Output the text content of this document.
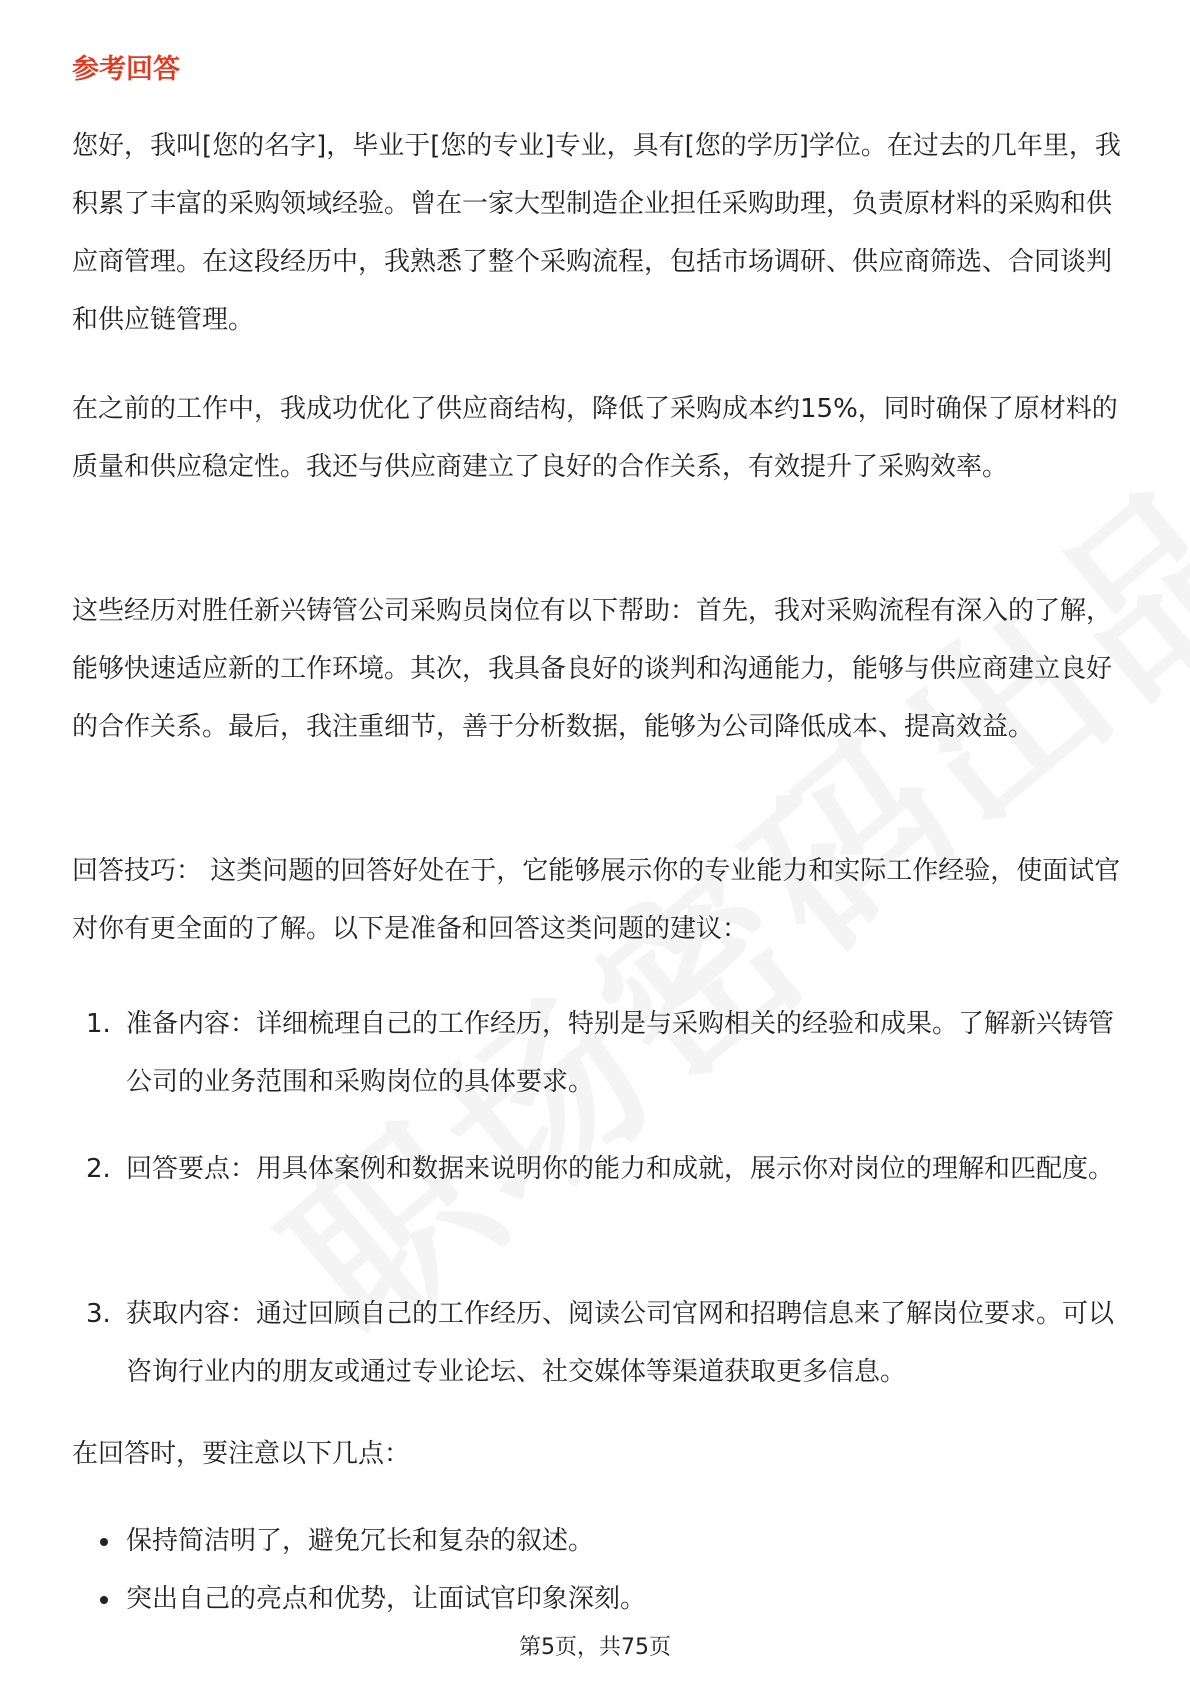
参考回答

您好，我叫[您的名字]，毕业于[您的专业]专业，具有[您的学历]学位。在过去的几年里，我积累了丰富的采购领域经验。曾在一家大型制造企业担任采购助理，负责原材料的采购和供应商管理。在这段经历中，我熟悉了整个采购流程，包括市场调研、供应商筛选、合同谈判和供应链管理。

在之前的工作中，我成功优化了供应商结构，降低了采购成本约15%，同时确保了原材料的质量和供应稳定性。我还与供应商建立了良好的合作关系，有效提升了采购效率。

这些经历对胜任新兴铸管公司采购员岗位有以下帮助：首先，我对采购流程有深入的了解，能够快速适应新的工作环境。其次，我具备良好的谈判和沟通能力，能够与供应商建立良好的合作关系。最后，我注重细节，善于分析数据，能够为公司降低成本、提高效益。

回答技巧： 这类问题的回答好处在于，它能够展示你的专业能力和实际工作经验，使面试官对你有更全面的了解。以下是准备和回答这类问题的建议：

1. 准备内容：详细梳理自己的工作经历，特别是与采购相关的经验和成果。了解新兴铸管公司的业务范围和采购岗位的具体要求。
2. 回答要点：用具体案例和数据来说明你的能力和成就，展示你对岗位的理解和匹配度。
3. 获取内容：通过回顾自己的工作经历、阅读公司官网和招聘信息来了解岗位要求。可以咨询行业内的朋友或通过专业论坛、社交媒体等渠道获取更多信息。

在回答时，要注意以下几点：

保持简洁明了，避免冗长和复杂的叙述。
突出自己的亮点和优势，让面试官印象深刻。
第5页，共75页
